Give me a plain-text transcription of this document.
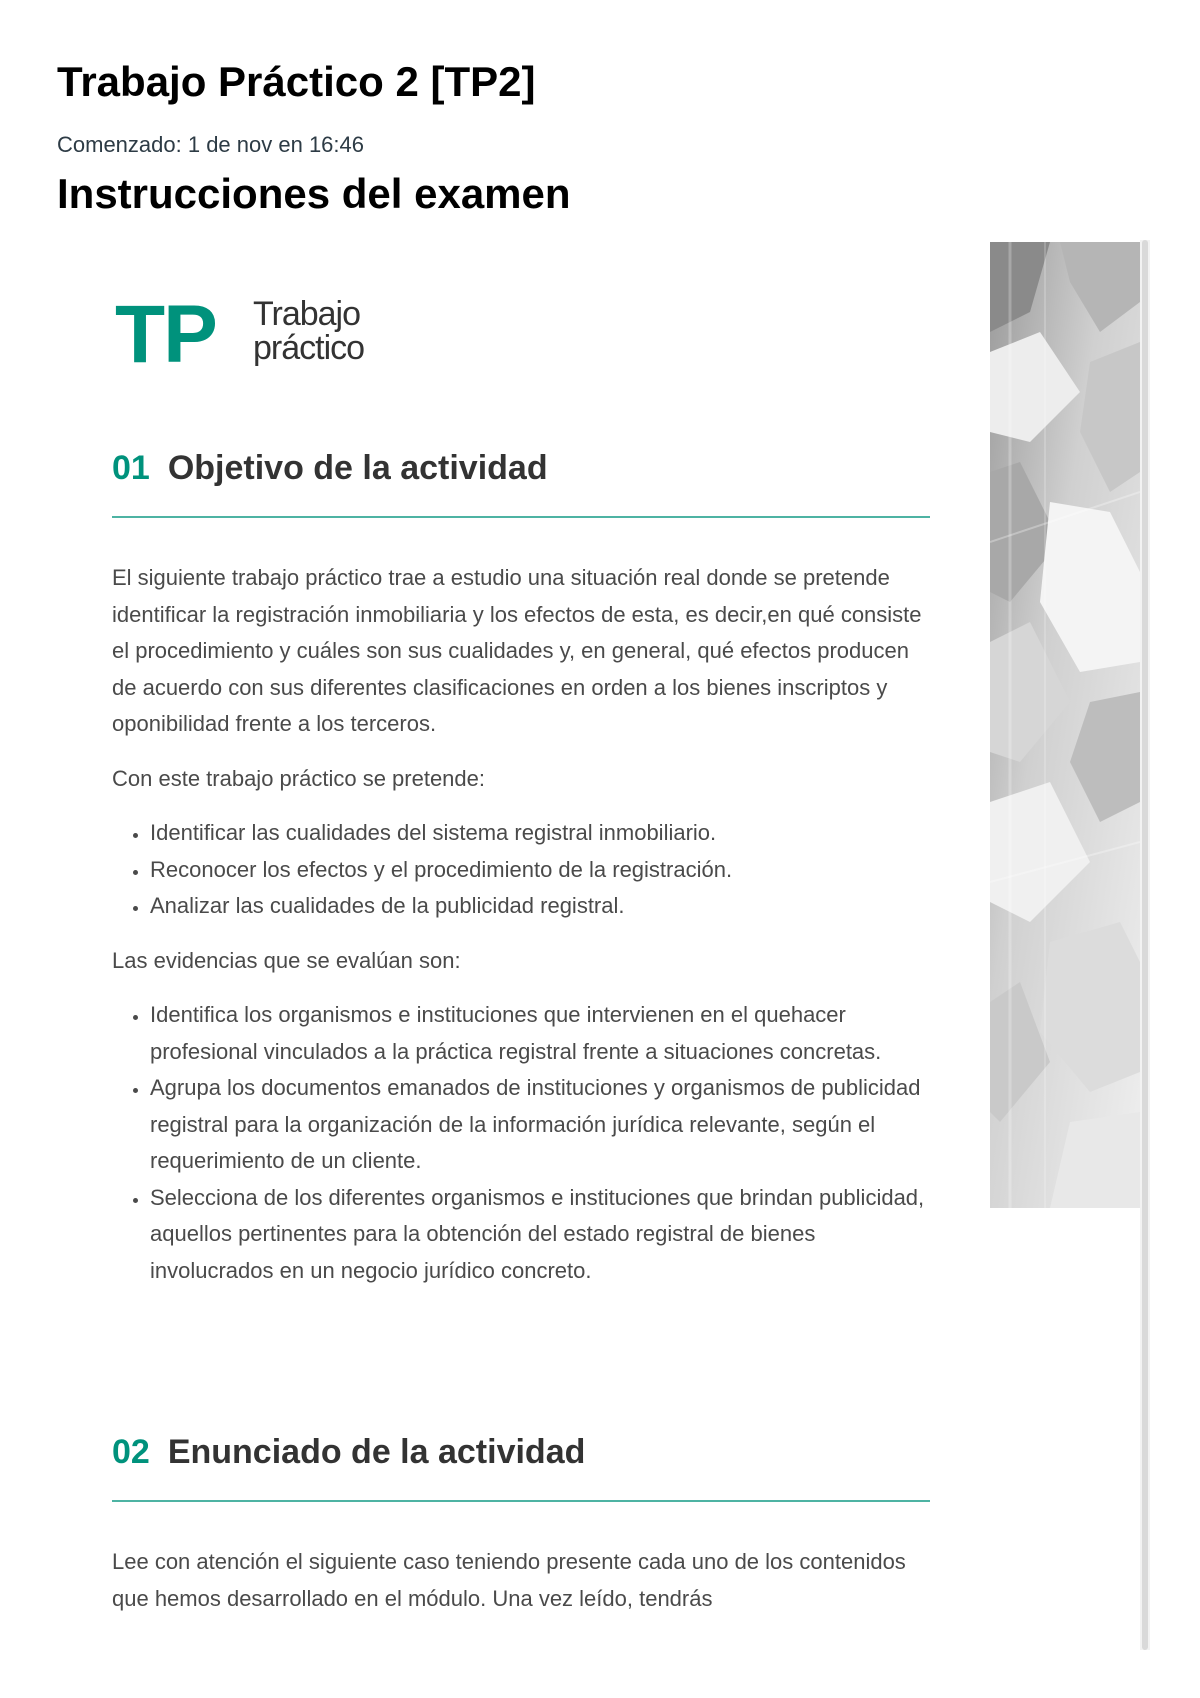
Trabajo Práctico 2 [TP2]

Comenzado: 1 de nov en 16:46

Instrucciones del examen
TP Trabajo
práctico
01 Objetivo de la actividad

El siguiente trabajo práctico trae a estudio una situación real donde se pretende identificar la registración inmobiliaria y los efectos de esta, es decir,en qué consiste el procedimiento y cuáles son sus cualidades y, en general, qué efectos producen de acuerdo con sus diferentes clasificaciones en orden a los bienes inscriptos y oponibilidad frente a los terceros.

Con este trabajo práctico se pretende:

• Identificar las cualidades del sistema registral inmobiliario.
• Reconocer los efectos y el procedimiento de la registración.
• Analizar las cualidades de la publicidad registral.

Las evidencias que se evalúan son:

• Identifica los organismos e instituciones que intervienen en el quehacer profesional vinculados a la práctica registral frente a situaciones concretas.
• Agrupa los documentos emanados de instituciones y organismos de publicidad registral para la organización de la información jurídica relevante, según el requerimiento de un cliente.
• Selecciona de los diferentes organismos e instituciones que brindan publicidad, aquellos pertinentes para la obtención del estado registral de bienes involucrados en un negocio jurídico concreto.
02 Enunciado de la actividad

Lee con atención el siguiente caso teniendo presente cada uno de los contenidos que hemos desarrollado en el módulo. Una vez leído, tendrás
